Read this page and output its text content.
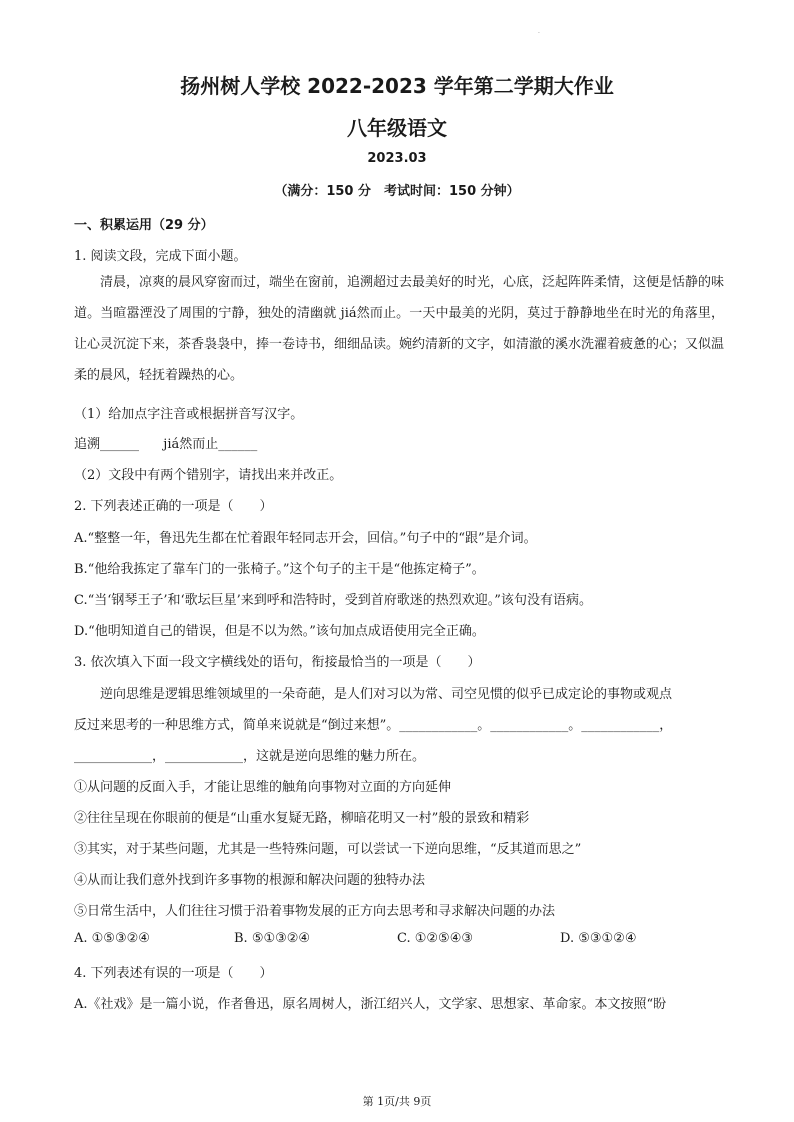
·
扬州树人学校 2022-2023 学年第二学期大作业
八年级语文
2023.03
（满分：150 分　考试时间：150 分钟）
一、积累运用（29 分）
1. 阅读文段，完成下面小题。
清晨，凉爽的晨风穿窗而过，端坐在窗前，追溯超过去最美好的时光，心底，泛起阵阵柔情，这便是恬静的味道。当暄嚣湮没了周围的宁静，独处的清幽就 jiá然而止。一天中最美的光阴，莫过于静静地坐在时光的角落里，让心灵沉淀下来，茶香袅袅中，捧一卷诗书，细细品读。婉约清新的文字，如清澈的溪水洗濯着疲惫的心；又似温柔的晨风，轻抚着躁热的心。
（1）给加点字注音或根据拼音写汉字。
追溯______ jiá然而止______
（2）文段中有两个错别字，请找出来并改正。
2. 下列表述正确的一项是（　　）
A.“整整一年，鲁迅先生都在忙着跟年轻同志开会，回信。”句子中的“跟”是介词。
B.“他给我拣定了靠车门的一张椅子。”这个句子的主干是“他拣定椅子”。
C.“当‘钢琴王子’和‘歌坛巨星’来到呼和浩特时，受到首府歌迷的热烈欢迎。”该句没有语病。
D.“他明知道自己的错误，但是不以为然。”该句加点成语使用完全正确。
3. 依次填入下面一段文字横线处的语句，衔接最恰当的一项是（　　）
逆向思维是逻辑思维领域里的一朵奇葩，是人们对习以为常、司空见惯的似乎已成定论的事物或观点
反过来思考的一种思维方式，简单来说就是“倒过来想”。____________。____________。____________，
____________，____________，这就是逆向思维的魅力所在。
①从问题的反面入手，才能让思维的触角向事物对立面的方向延伸
②往往呈现在你眼前的便是“山重水复疑无路，柳暗花明又一村”般的景致和精彩
③其实，对于某些问题，尤其是一些特殊问题，可以尝试一下逆向思维，“反其道而思之”
④从而让我们意外找到许多事物的根源和解决问题的独特办法
⑤日常生活中，人们往往习惯于沿着事物发展的正方向去思考和寻求解决问题的办法
A. ①⑤③②④	B. ⑤①③②④	C. ①②⑤④③	D. ⑤③①②④
4. 下列表述有误的一项是（　　）
A.《社戏》是一篇小说，作者鲁迅，原名周树人，浙江绍兴人，文学家、思想家、革命家。本文按照“盼
第 1页/共 9页
